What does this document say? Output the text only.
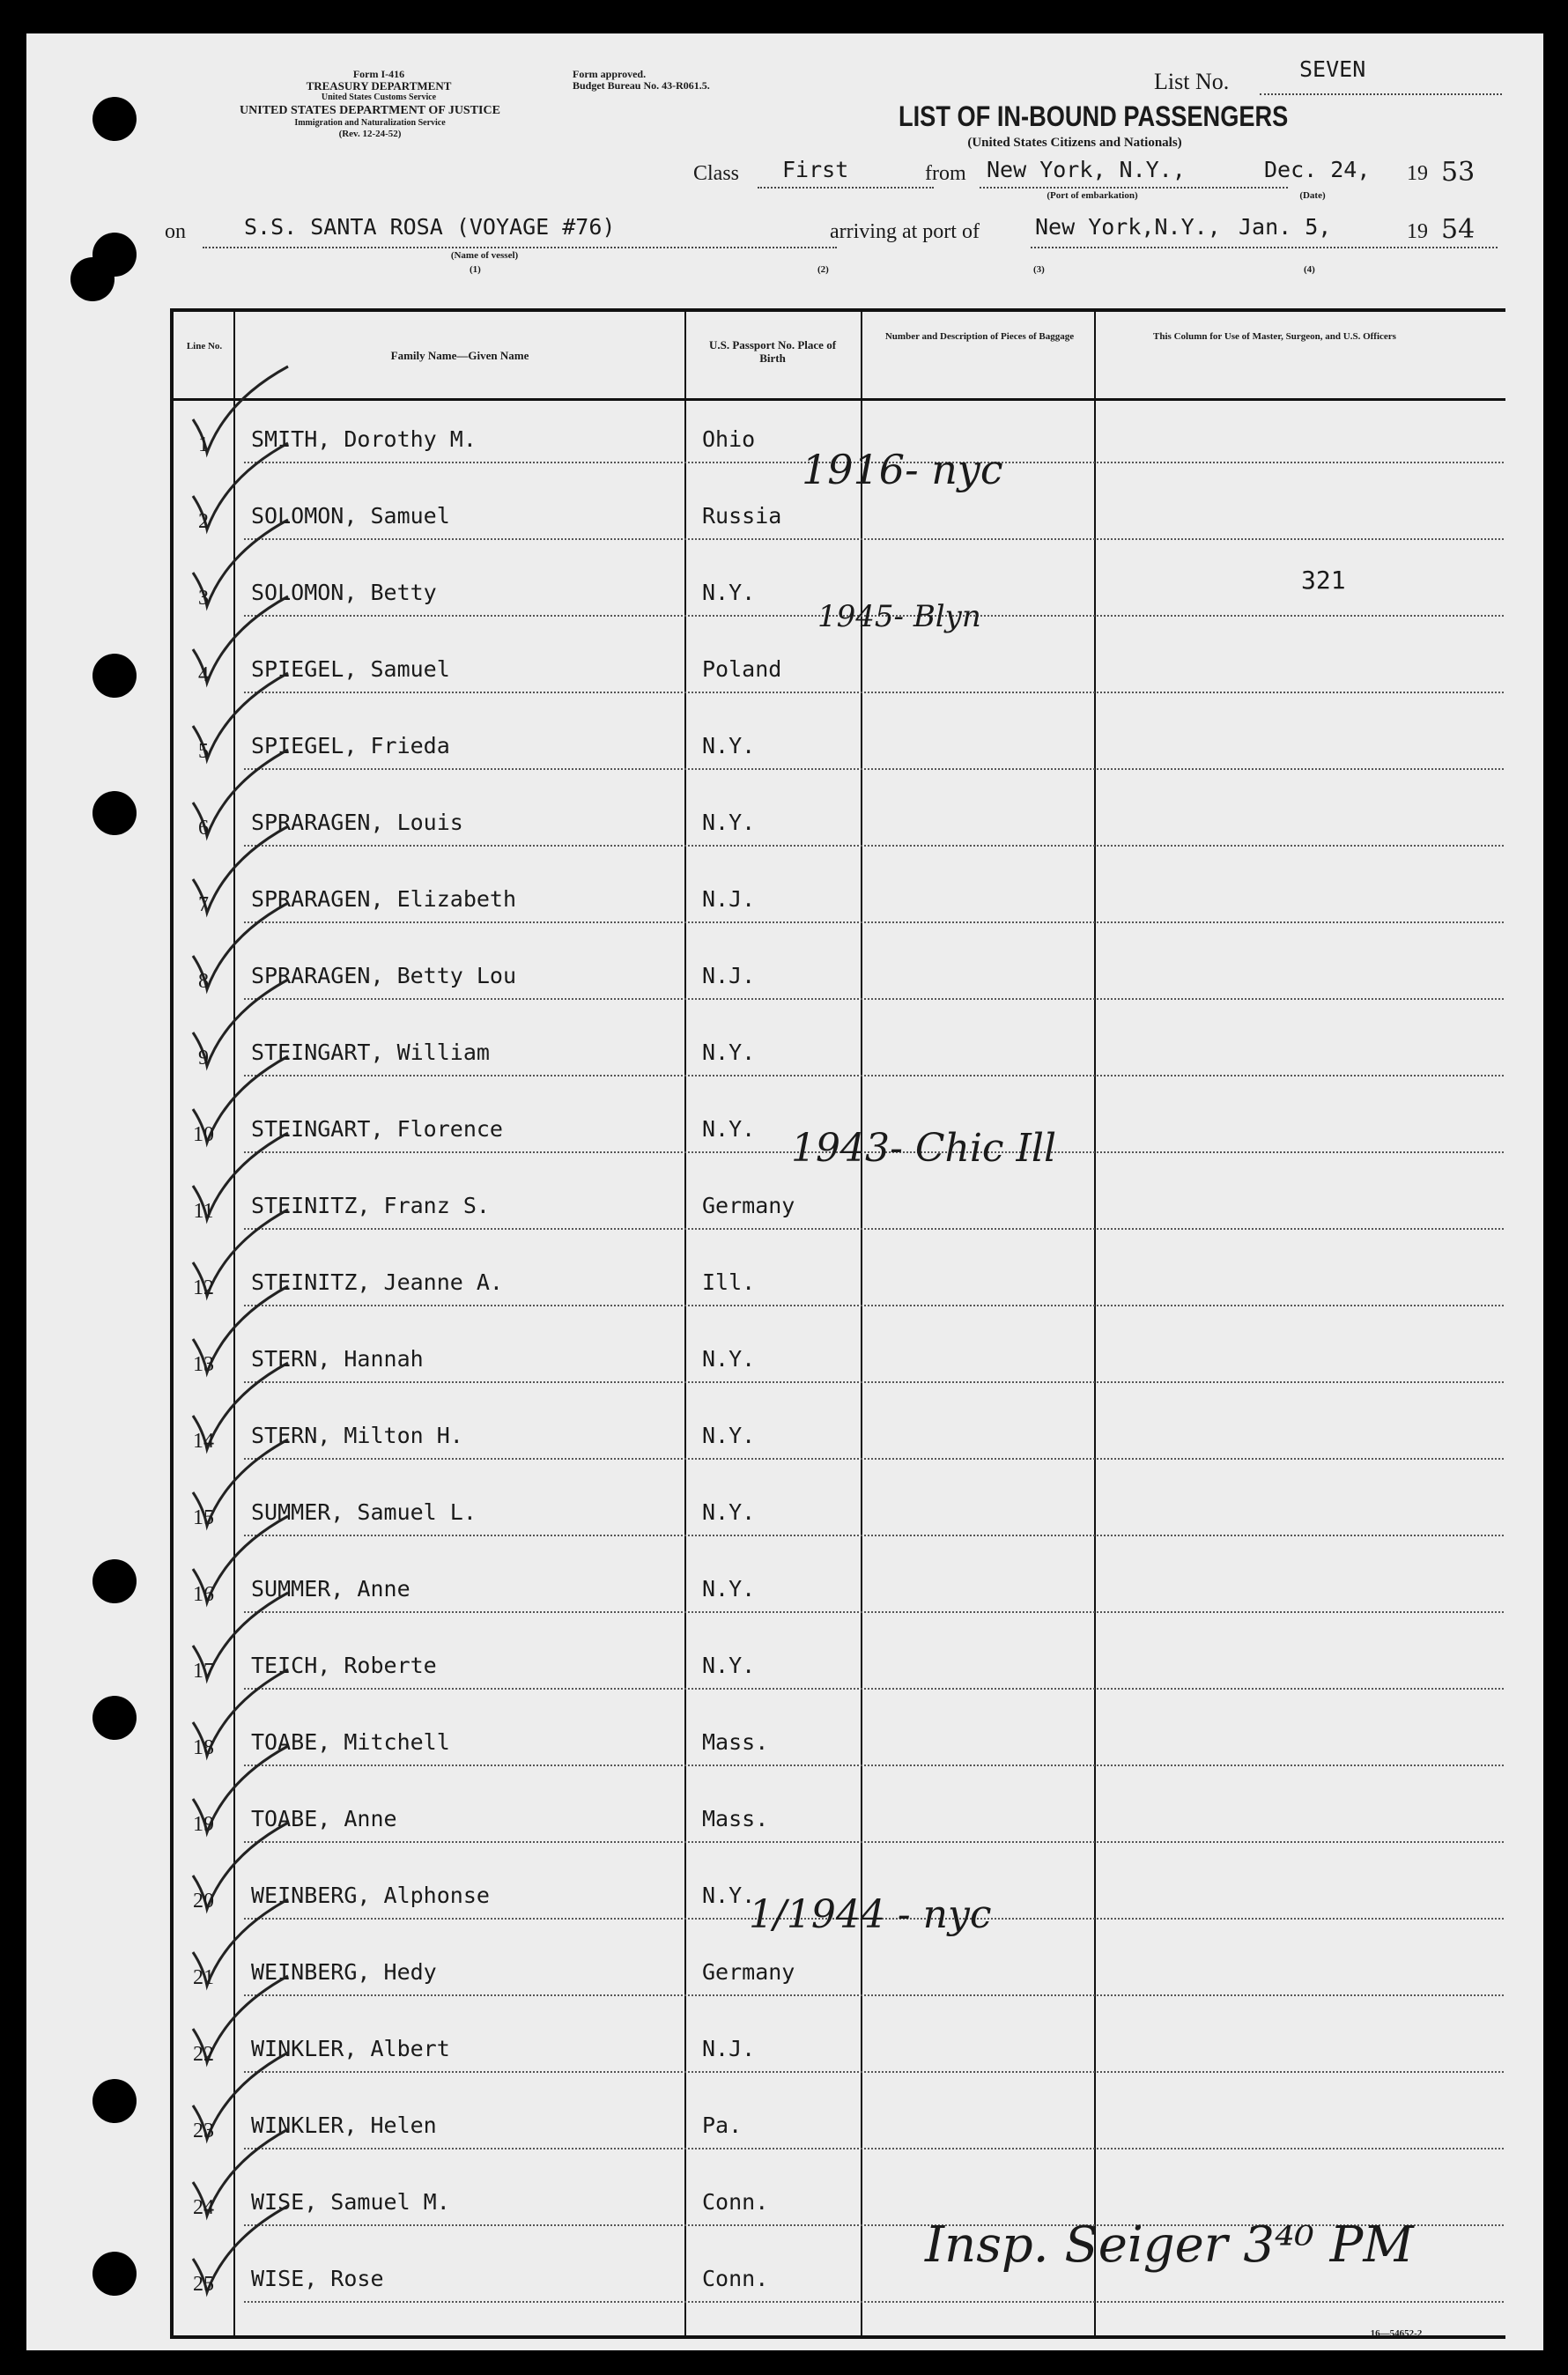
Form I-416
TREASURY DEPARTMENT
United States Customs Service
UNITED STATES DEPARTMENT OF JUSTICE
Immigration and Naturalization Service
(Rev. 12-24-52)
Form approved.
Budget Bureau No. 43-R061.5.	List No.	SEVEN
LIST OF IN-BOUND PASSENGERS
(United States Citizens and Nationals)
Class First	from New York, N.Y.,
(Port of embarkation)
Dec. 24,
(Date)
19 53
on	S.S. SANTA ROSA (VOYAGE #76)
(Name of vessel)
arriving at port of	New York,N.Y., Jan. 5,	19 54
(1)	(2)	(3)	(4)
Line No.
Family Name—Given Name
U.S. Passport No. Place of Birth
Number and Description of Pieces of Baggage	This Column for Use of Master, Surgeon, and U.S. Officers
1	SMITH, Dorothy M.	Ohio
2	SOLOMON, Samuel	Russia
3	SOLOMON, Betty	N.Y.
4	SPIEGEL, Samuel	Poland
5	SPIEGEL, Frieda	N.Y.
6	SPRARAGEN, Louis	N.Y.
7	SPRARAGEN, Elizabeth	N.J.
8	SPRARAGEN, Betty Lou	N.J.
9	STEINGART, William	N.Y.
10	STEINGART, Florence	N.Y.
11	STEINITZ, Franz S.	Germany
12	STEINITZ, Jeanne A.	Ill.
13	STERN, Hannah	N.Y.
14	STERN, Milton H.	N.Y.
15	SUMMER, Samuel L.	N.Y.
16	SUMMER, Anne	N.Y.
17	TEICH, Roberte	N.Y.
18	TOABE, Mitchell	Mass.
19	TOABE, Anne	Mass.
20	WEINBERG, Alphonse	N.Y.
21	WEINBERG, Hedy	Germany
22	WINKLER, Albert	N.J.
23	WINKLER, Helen	Pa.
24	WISE, Samuel M.	Conn.
25	WISE, Rose	Conn.
1916- nyc
1945- Blyn
321
1943- Chic Ill
1/1944 - nyc
Insp. Seiger 3⁴⁰ PM
16—54652-2
